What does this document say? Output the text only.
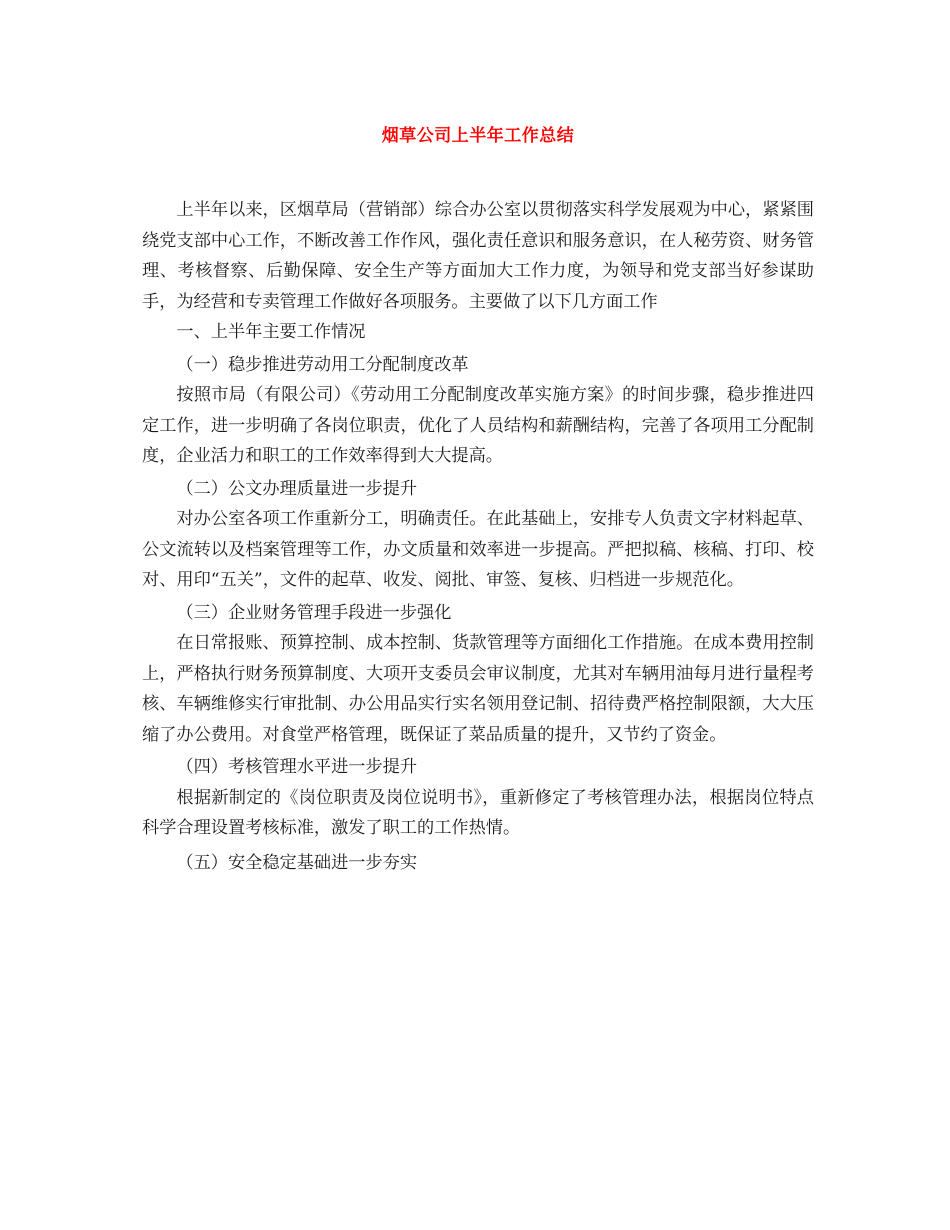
烟草公司上半年工作总结

上半年以来，区烟草局（营销部）综合办公室以贯彻落实科学发展观为中心，紧紧围绕党支部中心工作，不断改善工作作风，强化责任意识和服务意识，在人秘劳资、财务管理、考核督察、后勤保障、安全生产等方面加大工作力度，为领导和党支部当好参谋助手，为经营和专卖管理工作做好各项服务。主要做了以下几方面工作

一、上半年主要工作情况

（一）稳步推进劳动用工分配制度改革

按照市局（有限公司）《劳动用工分配制度改革实施方案》的时间步骤，稳步推进四定工作，进一步明确了各岗位职责，优化了人员结构和薪酬结构，完善了各项用工分配制度，企业活力和职工的工作效率得到大大提高。

（二）公文办理质量进一步提升

对办公室各项工作重新分工，明确责任。在此基础上，安排专人负责文字材料起草、公文流转以及档案管理等工作，办文质量和效率进一步提高。严把拟稿、核稿、打印、校对、用印“五关”，文件的起草、收发、阅批、审签、复核、归档进一步规范化。

（三）企业财务管理手段进一步强化

在日常报账、预算控制、成本控制、货款管理等方面细化工作措施。在成本费用控制上，严格执行财务预算制度、大项开支委员会审议制度，尤其对车辆用油每月进行量程考核、车辆维修实行审批制、办公用品实行实名领用登记制、招待费严格控制限额，大大压缩了办公费用。对食堂严格管理，既保证了菜品质量的提升，又节约了资金。

（四）考核管理水平进一步提升

根据新制定的《岗位职责及岗位说明书》，重新修定了考核管理办法，根据岗位特点科学合理设置考核标准，激发了职工的工作热情。

（五）安全稳定基础进一步夯实
